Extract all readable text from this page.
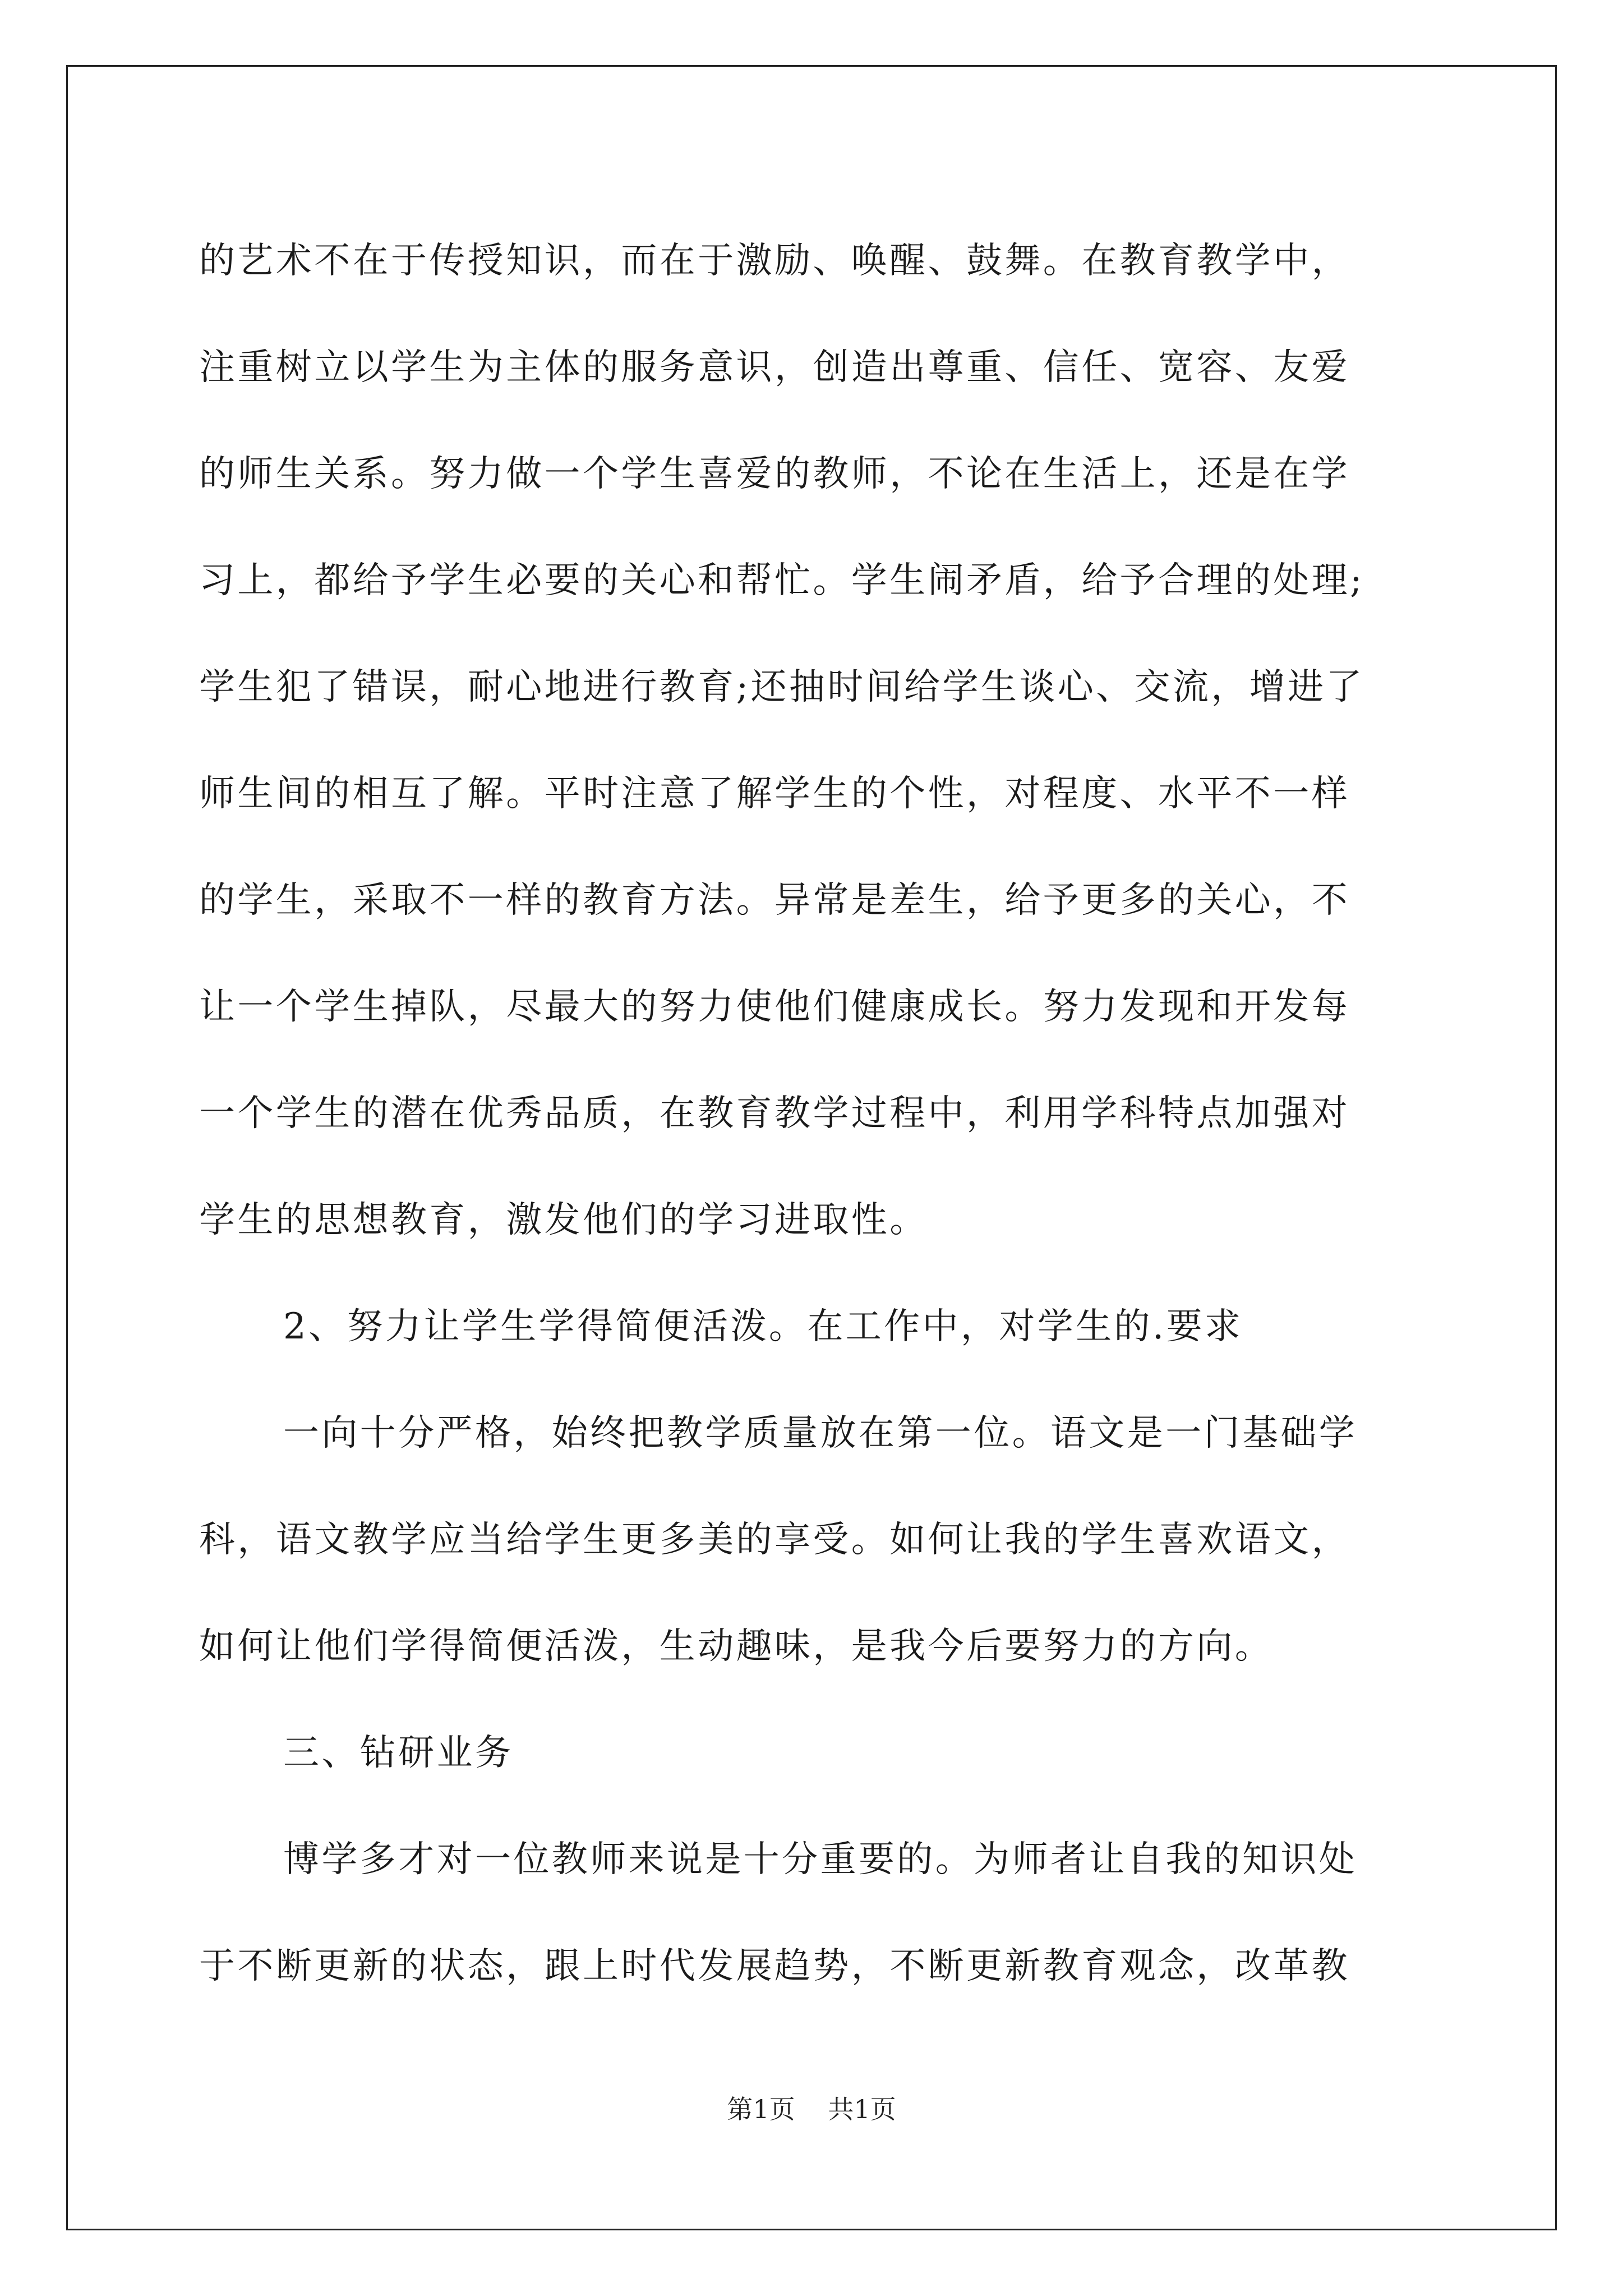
的艺术不在于传授知识，而在于激励、唤醒、鼓舞。在教育教学中，
注重树立以学生为主体的服务意识，创造出尊重、信任、宽容、友爱
的师生关系。努力做一个学生喜爱的教师，不论在生活上，还是在学
习上，都给予学生必要的关心和帮忙。学生闹矛盾，给予合理的处理;
学生犯了错误，耐心地进行教育;还抽时间给学生谈心、交流，增进了
师生间的相互了解。平时注意了解学生的个性，对程度、水平不一样
的学生，采取不一样的教育方法。异常是差生，给予更多的关心，不
让一个学生掉队，尽最大的努力使他们健康成长。努力发现和开发每
一个学生的潜在优秀品质，在教育教学过程中，利用学科特点加强对
学生的思想教育，激发他们的学习进取性。
2、努力让学生学得简便活泼。在工作中，对学生的.要求
一向十分严格，始终把教学质量放在第一位。语文是一门基础学
科，语文教学应当给学生更多美的享受。如何让我的学生喜欢语文，
如何让他们学得简便活泼，生动趣味，是我今后要努力的方向。
三、钻研业务
博学多才对一位教师来说是十分重要的。为师者让自我的知识处
于不断更新的状态，跟上时代发展趋势，不断更新教育观念，改革教
第1页 共1页
